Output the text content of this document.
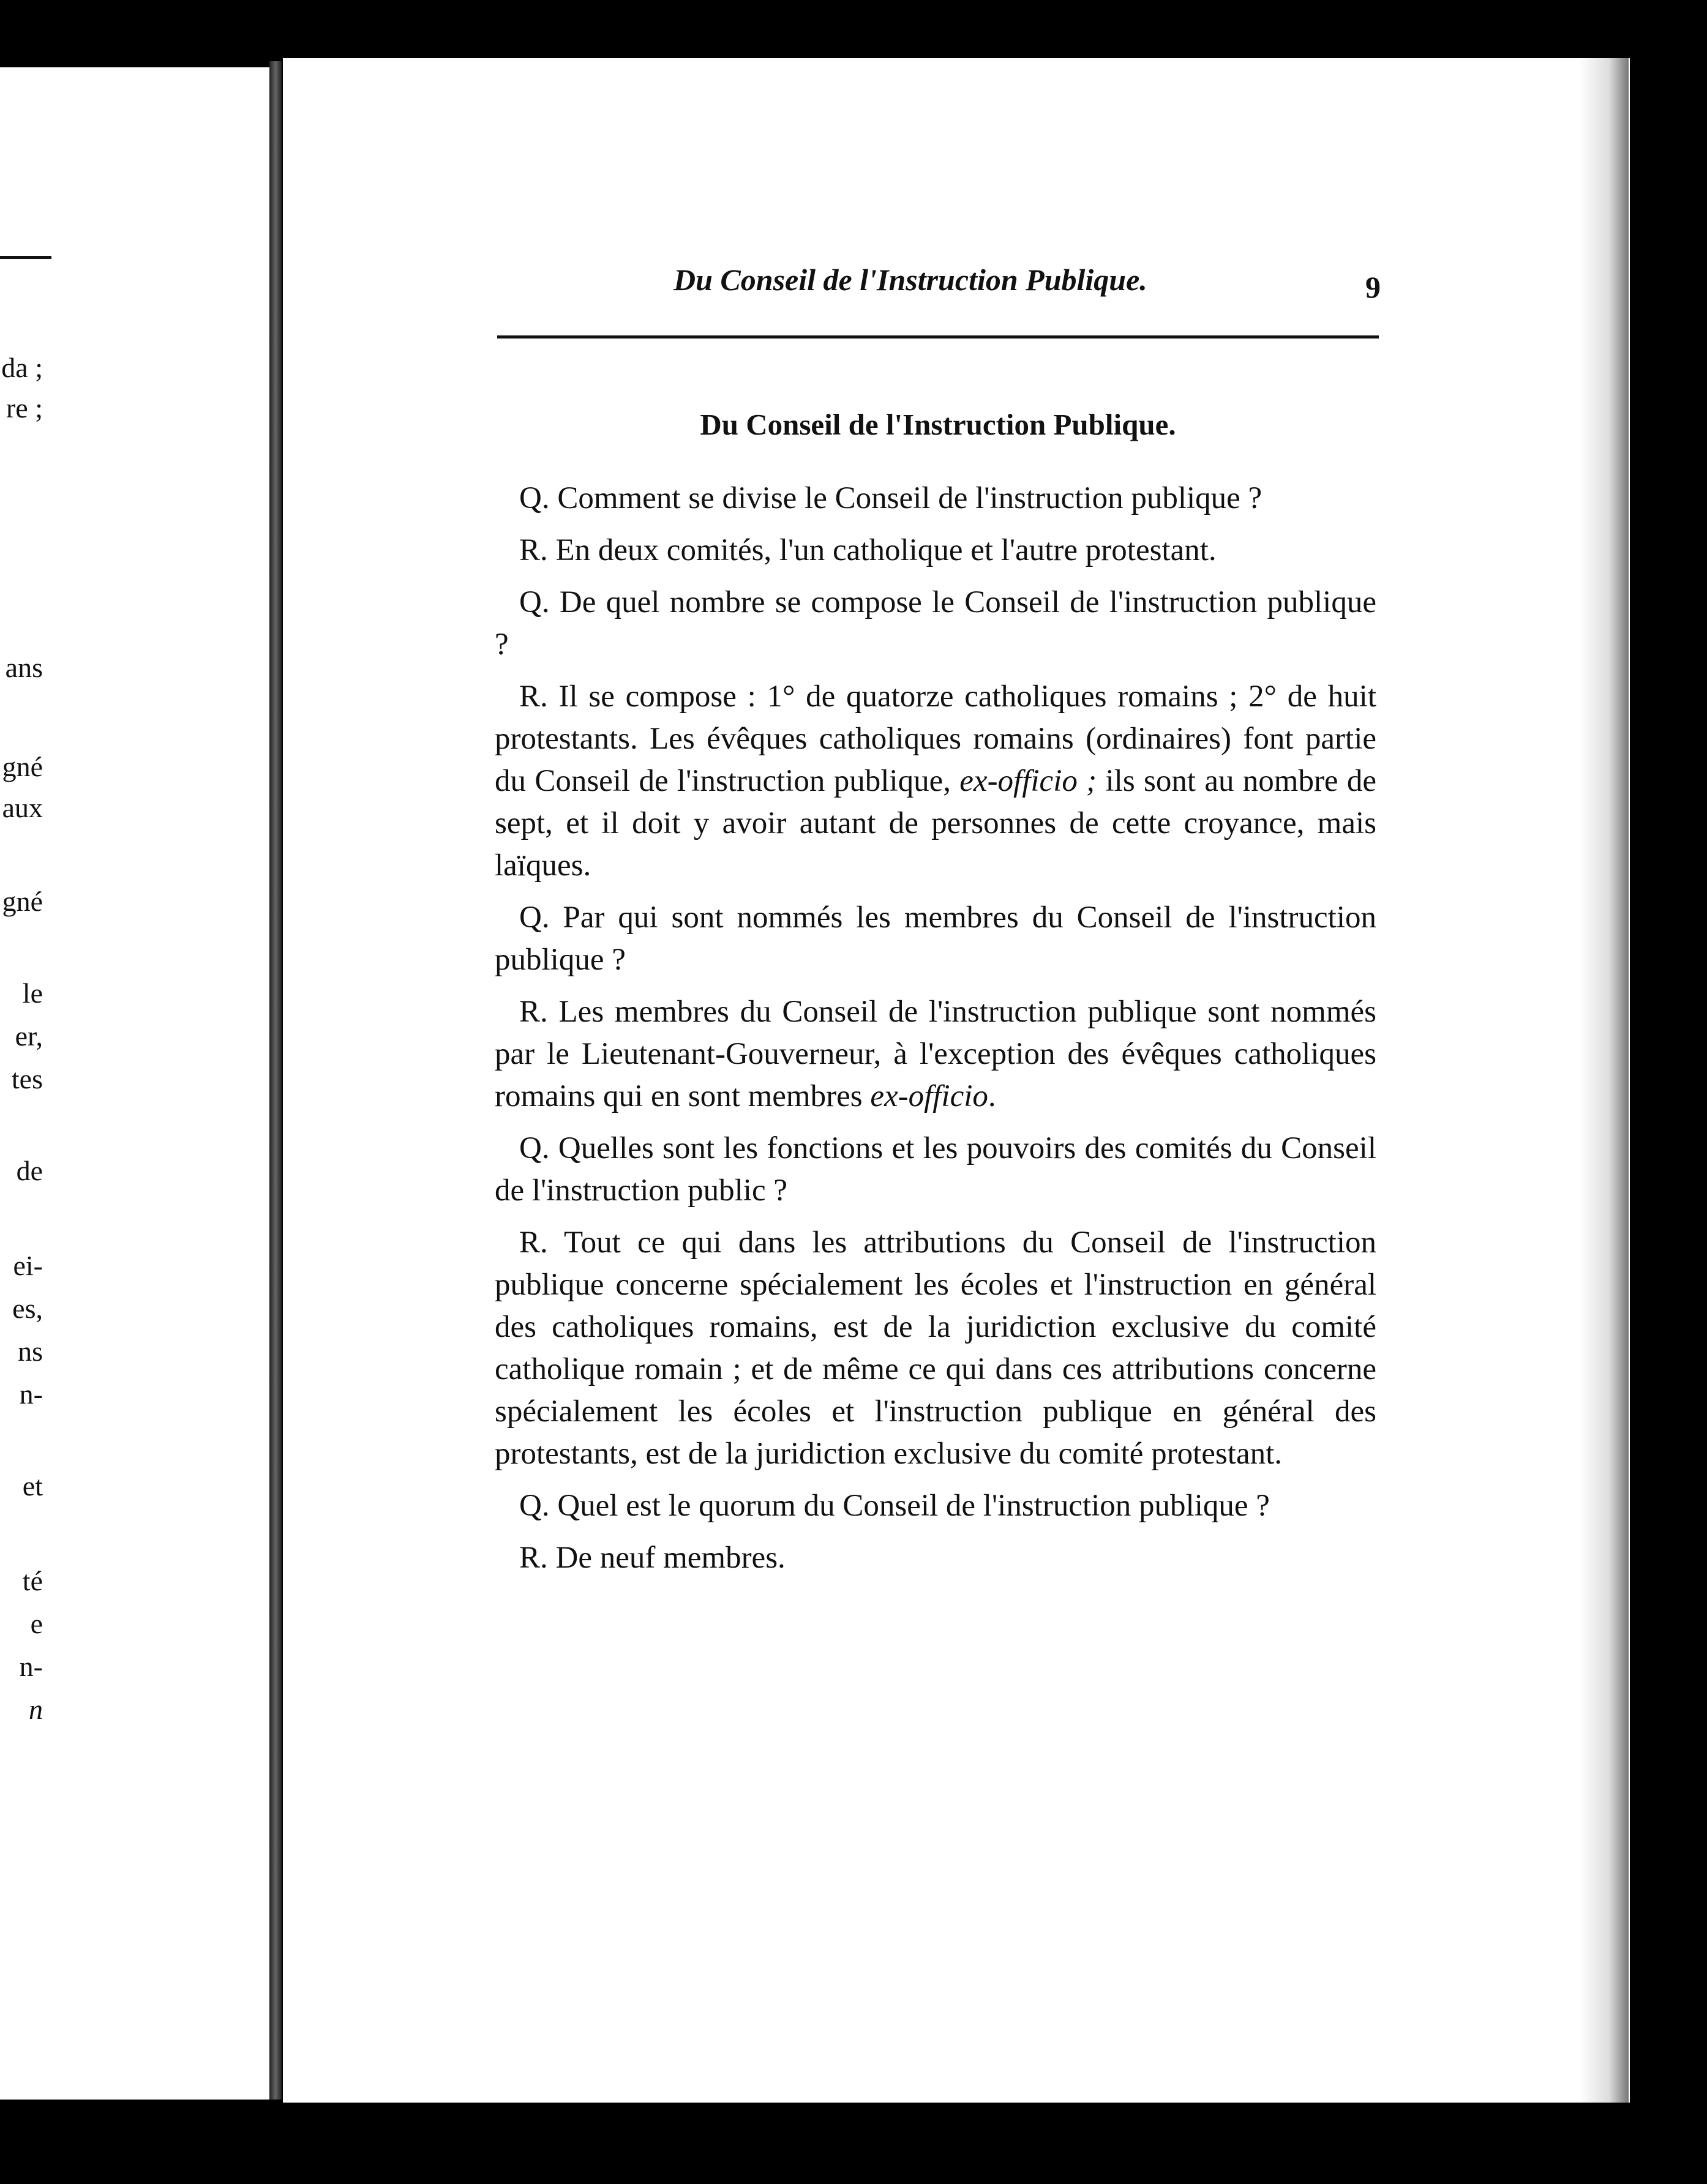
da ;
re ;
ans
gné
aux
gné
le
er,
tes
de
ei-
es,
ns
n-
et
té
e
n-
n
Du Conseil de l'Instruction Publique.	9
Du Conseil de l'Instruction Publique.

Q. Comment se divise le Conseil de l'instruction publique ?

R. En deux comités, l'un catholique et l'autre protestant.

Q. De quel nombre se compose le Conseil de l'instruction publique ?

R. Il se compose : 1° de quatorze catholiques romains ; 2° de huit protestants. Les évêques catholiques romains (ordinaires) font partie du Conseil de l'instruction publique, ex-officio ; ils sont au nombre de sept, et il doit y avoir autant de personnes de cette croyance, mais laïques.

Q. Par qui sont nommés les membres du Conseil de l'instruction publique ?

R. Les membres du Conseil de l'instruction publique sont nommés par le Lieutenant-Gouverneur, à l'exception des évêques catholiques romains qui en sont membres ex-officio.

Q. Quelles sont les fonctions et les pouvoirs des comités du Conseil de l'instruction public ?

R. Tout ce qui dans les attributions du Conseil de l'instruction publique concerne spécialement les écoles et l'instruction en général des catholiques romains, est de la juridiction exclusive du comité catholique romain ; et de même ce qui dans ces attributions concerne spécialement les écoles et l'instruction publique en général des protestants, est de la juridiction exclusive du comité protestant.

Q. Quel est le quorum du Conseil de l'instruction publique ?

R. De neuf membres.
